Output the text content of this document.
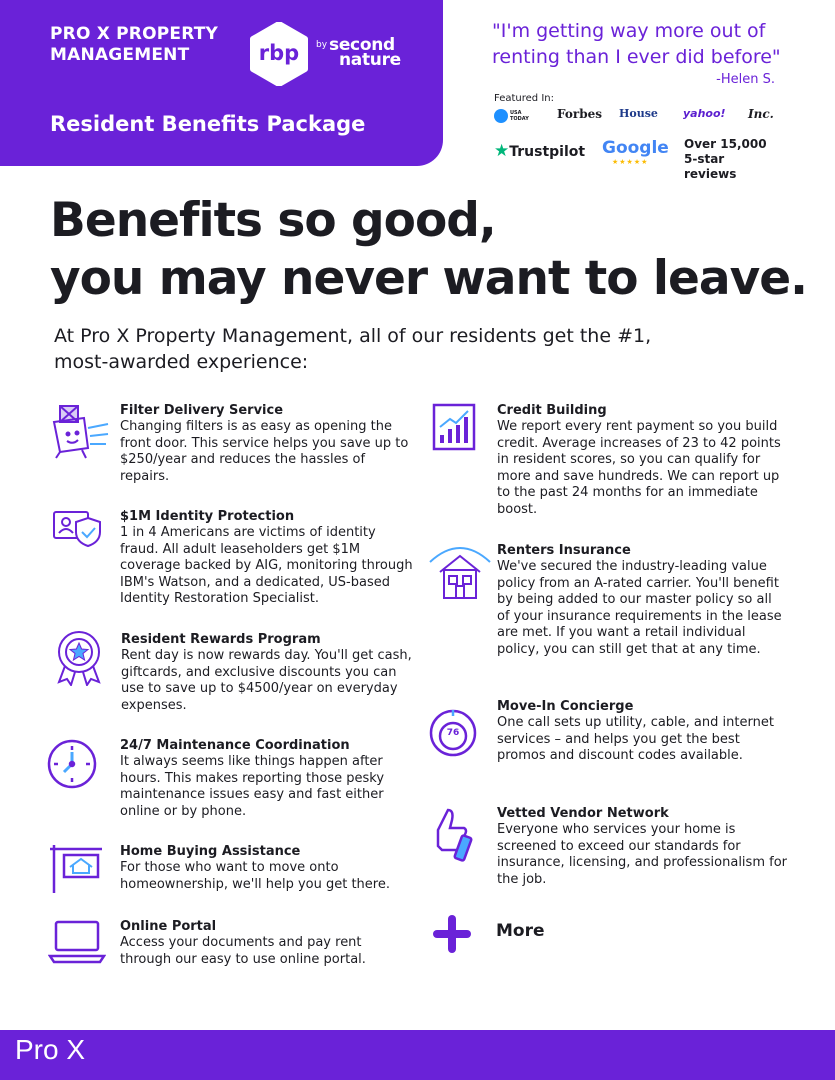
PRO X PROPERTY MANAGEMENT	rbp	by second
nature
Resident Benefits Package
"I'm getting way more out of renting than I ever did before"
-Helen S.
Featured In:
USA TODAY	Forbes House yahoo! Inc.
★Trustpilot Google
★★★★★
Over 15,000 5-star reviews
Benefits so good,
you may never want to leave.
At Pro X Property Management, all of our residents get the #1, most-awarded experience:
Filter Delivery Service

Changing filters is as easy as opening the front door. This service helps you save up to $250/year and reduces the hassles of repairs.

$1M Identity Protection

1 in 4 Americans are victims of identity fraud. All adult leaseholders get $1M coverage backed by AIG, monitoring through IBM's Watson, and a dedicated, US-based Identity Restoration Specialist.

Resident Rewards Program

Rent day is now rewards day. You'll get cash, giftcards, and exclusive discounts you can use to save up to $4500/year on everyday expenses.

24/7 Maintenance Coordination

It always seems like things happen after hours. This makes reporting those pesky maintenance issues easy and fast either online or by phone.

Home Buying Assistance

For those who want to move onto homeownership, we'll help you get there.

Online Portal

Access your documents and pay rent through our easy to use online portal.

Credit Building

We report every rent payment so you build credit. Average increases of 23 to 42 points in resident scores, so you can qualify for more and save hundreds. We can report up to the past 24 months for an immediate boost.

Renters Insurance

We've secured the industry-leading value policy from an A-rated carrier. You'll benefit by being added to our master policy so all of your insurance requirements in the lease are met. If you want a retail individual policy, you can still get that at any time.

76
Move-In Concierge

One call sets up utility, cable, and internet services – and helps you get the best promos and discount codes available.

Vetted Vendor Network

Everyone who services your home is screened to exceed our standards for insurance, licensing, and professionalism for the job.

More
Pro X
